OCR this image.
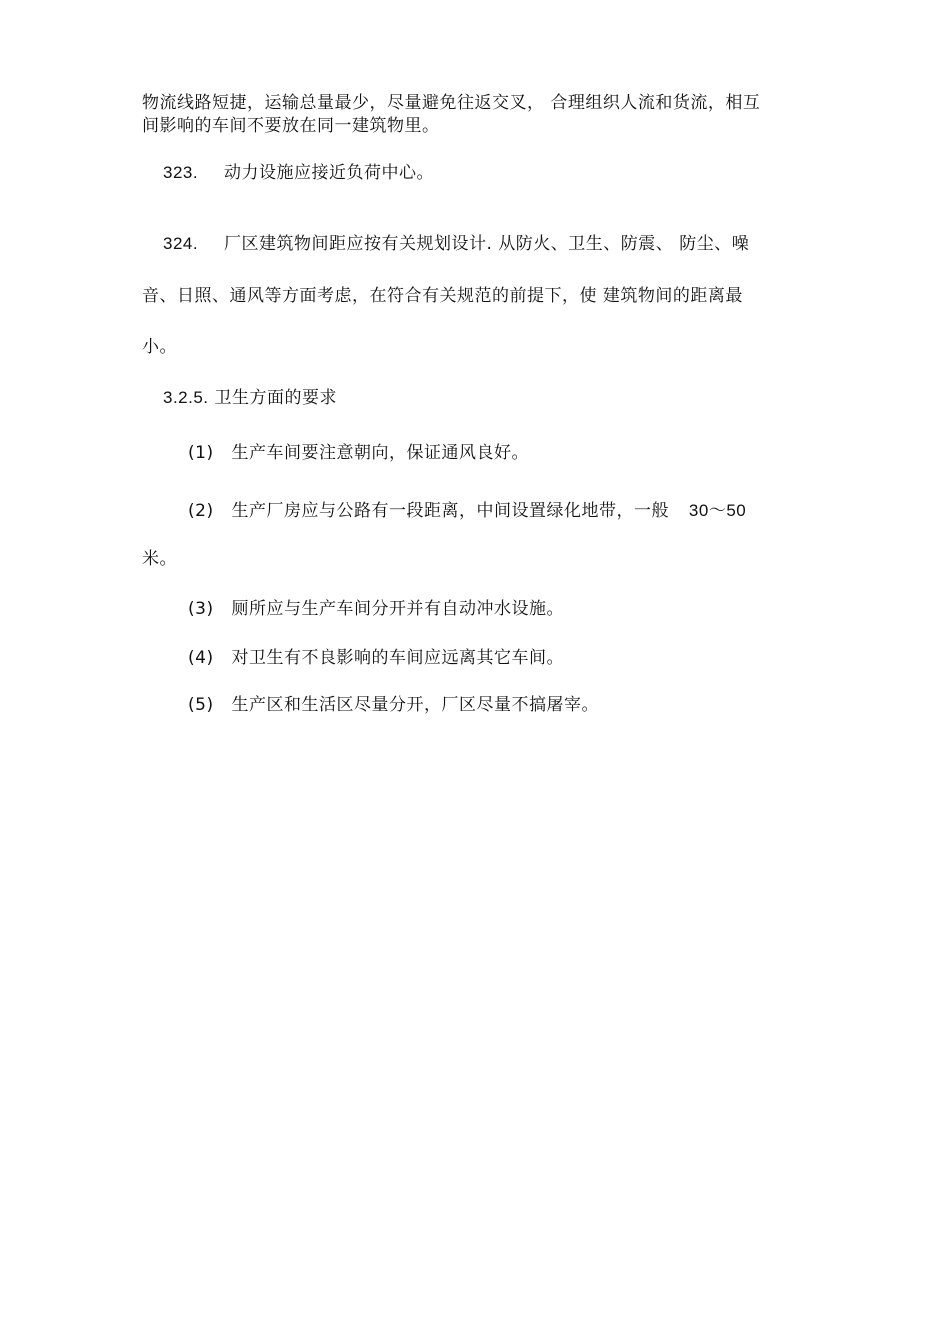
物流线路短捷，运输总量最少，尽量避免往返交叉， 合理组织人流和货流，相互
间影响的车间不要放在同一建筑物里。
323. 动力设施应接近负荷中心。
324. 厂区建筑物间距应按有关规划设计. 从防火、卫生、防震、 防尘、噪
音、日照、通风等方面考虑，在符合有关规范的前提下，使 建筑物间的距离最
小。
3.2.5. 卫生方面的要求
(1) 生产车间要注意朝向，保证通风良好。
(2) 生产厂房应与公路有一段距离，中间设置绿化地带，一般 30～50
米。
(3) 厕所应与生产车间分开并有自动冲水设施。
(4) 对卫生有不良影响的车间应远离其它车间。
(5) 生产区和生活区尽量分开，厂区尽量不搞屠宰。
